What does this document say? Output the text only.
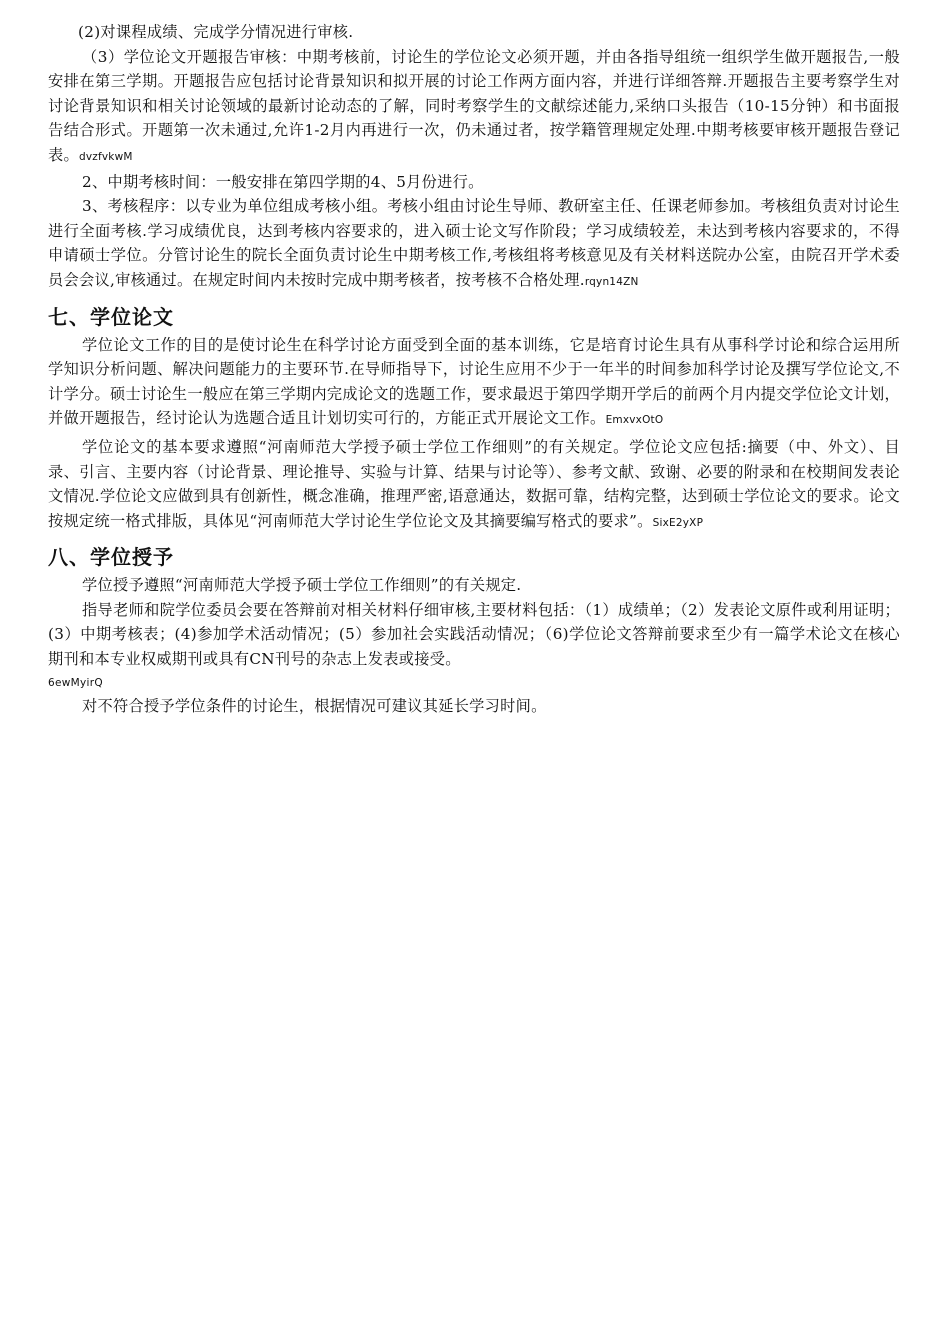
(2)对课程成绩、完成学分情况进行审核.

（3）学位论文开题报告审核：中期考核前，讨论生的学位论文必须开题，并由各指导组统一组织学生做开题报告,一般安排在第三学期。开题报告应包括讨论背景知识和拟开展的讨论工作两方面内容，并进行详细答辩.开题报告主要考察学生对讨论背景知识和相关讨论领域的最新讨论动态的了解，同时考察学生的文献综述能力,采纳口头报告（10-15分钟）和书面报告结合形式。开题第一次未通过,允许1-2月内再进行一次，仍未通过者，按学籍管理规定处理.中期考核要审核开题报告登记表。dvzfvkwM

2、中期考核时间：一般安排在第四学期的4、5月份进行。

3、考核程序：以专业为单位组成考核小组。考核小组由讨论生导师、教研室主任、任课老师参加。考核组负责对讨论生进行全面考核.学习成绩优良，达到考核内容要求的，进入硕士论文写作阶段；学习成绩较差，未达到考核内容要求的，不得申请硕士学位。分管讨论生的院长全面负责讨论生中期考核工作,考核组将考核意见及有关材料送院办公室，由院召开学术委员会会议,审核通过。在规定时间内未按时完成中期考核者，按考核不合格处理.rqyn14ZN

七、学位论文

学位论文工作的目的是使讨论生在科学讨论方面受到全面的基本训练，它是培育讨论生具有从事科学讨论和综合运用所学知识分析问题、解决问题能力的主要环节.在导师指导下，讨论生应用不少于一年半的时间参加科学讨论及撰写学位论文,不计学分。硕士讨论生一般应在第三学期内完成论文的选题工作，要求最迟于第四学期开学后的前两个月内提交学位论文计划，并做开题报告，经讨论认为选题合适且计划切实可行的，方能正式开展论文工作。EmxvxOtO

学位论文的基本要求遵照“河南师范大学授予硕士学位工作细则”的有关规定。学位论文应包括:摘要（中、外文）、目录、引言、主要内容（讨论背景、理论推导、实验与计算、结果与讨论等）、参考文献、致谢、必要的附录和在校期间发表论文情况.学位论文应做到具有创新性，概念准确，推理严密,语意通达，数据可靠，结构完整，达到硕士学位论文的要求。论文按规定统一格式排版，具体见“河南师范大学讨论生学位论文及其摘要编写格式的要求”。SixE2yXP

八、学位授予

学位授予遵照“河南师范大学授予硕士学位工作细则”的有关规定.

指导老师和院学位委员会要在答辩前对相关材料仔细审核,主要材料包括：（1）成绩单；（2）发表论文原件或利用证明；(3）中期考核表；(4)参加学术活动情况；(5）参加社会实践活动情况；（6)学位论文答辩前要求至少有一篇学术论文在核心期刊和本专业权威期刊或具有CN刊号的杂志上发表或接受。

6ewMyirQ

对不符合授予学位条件的讨论生，根据情况可建议其延长学习时间。
